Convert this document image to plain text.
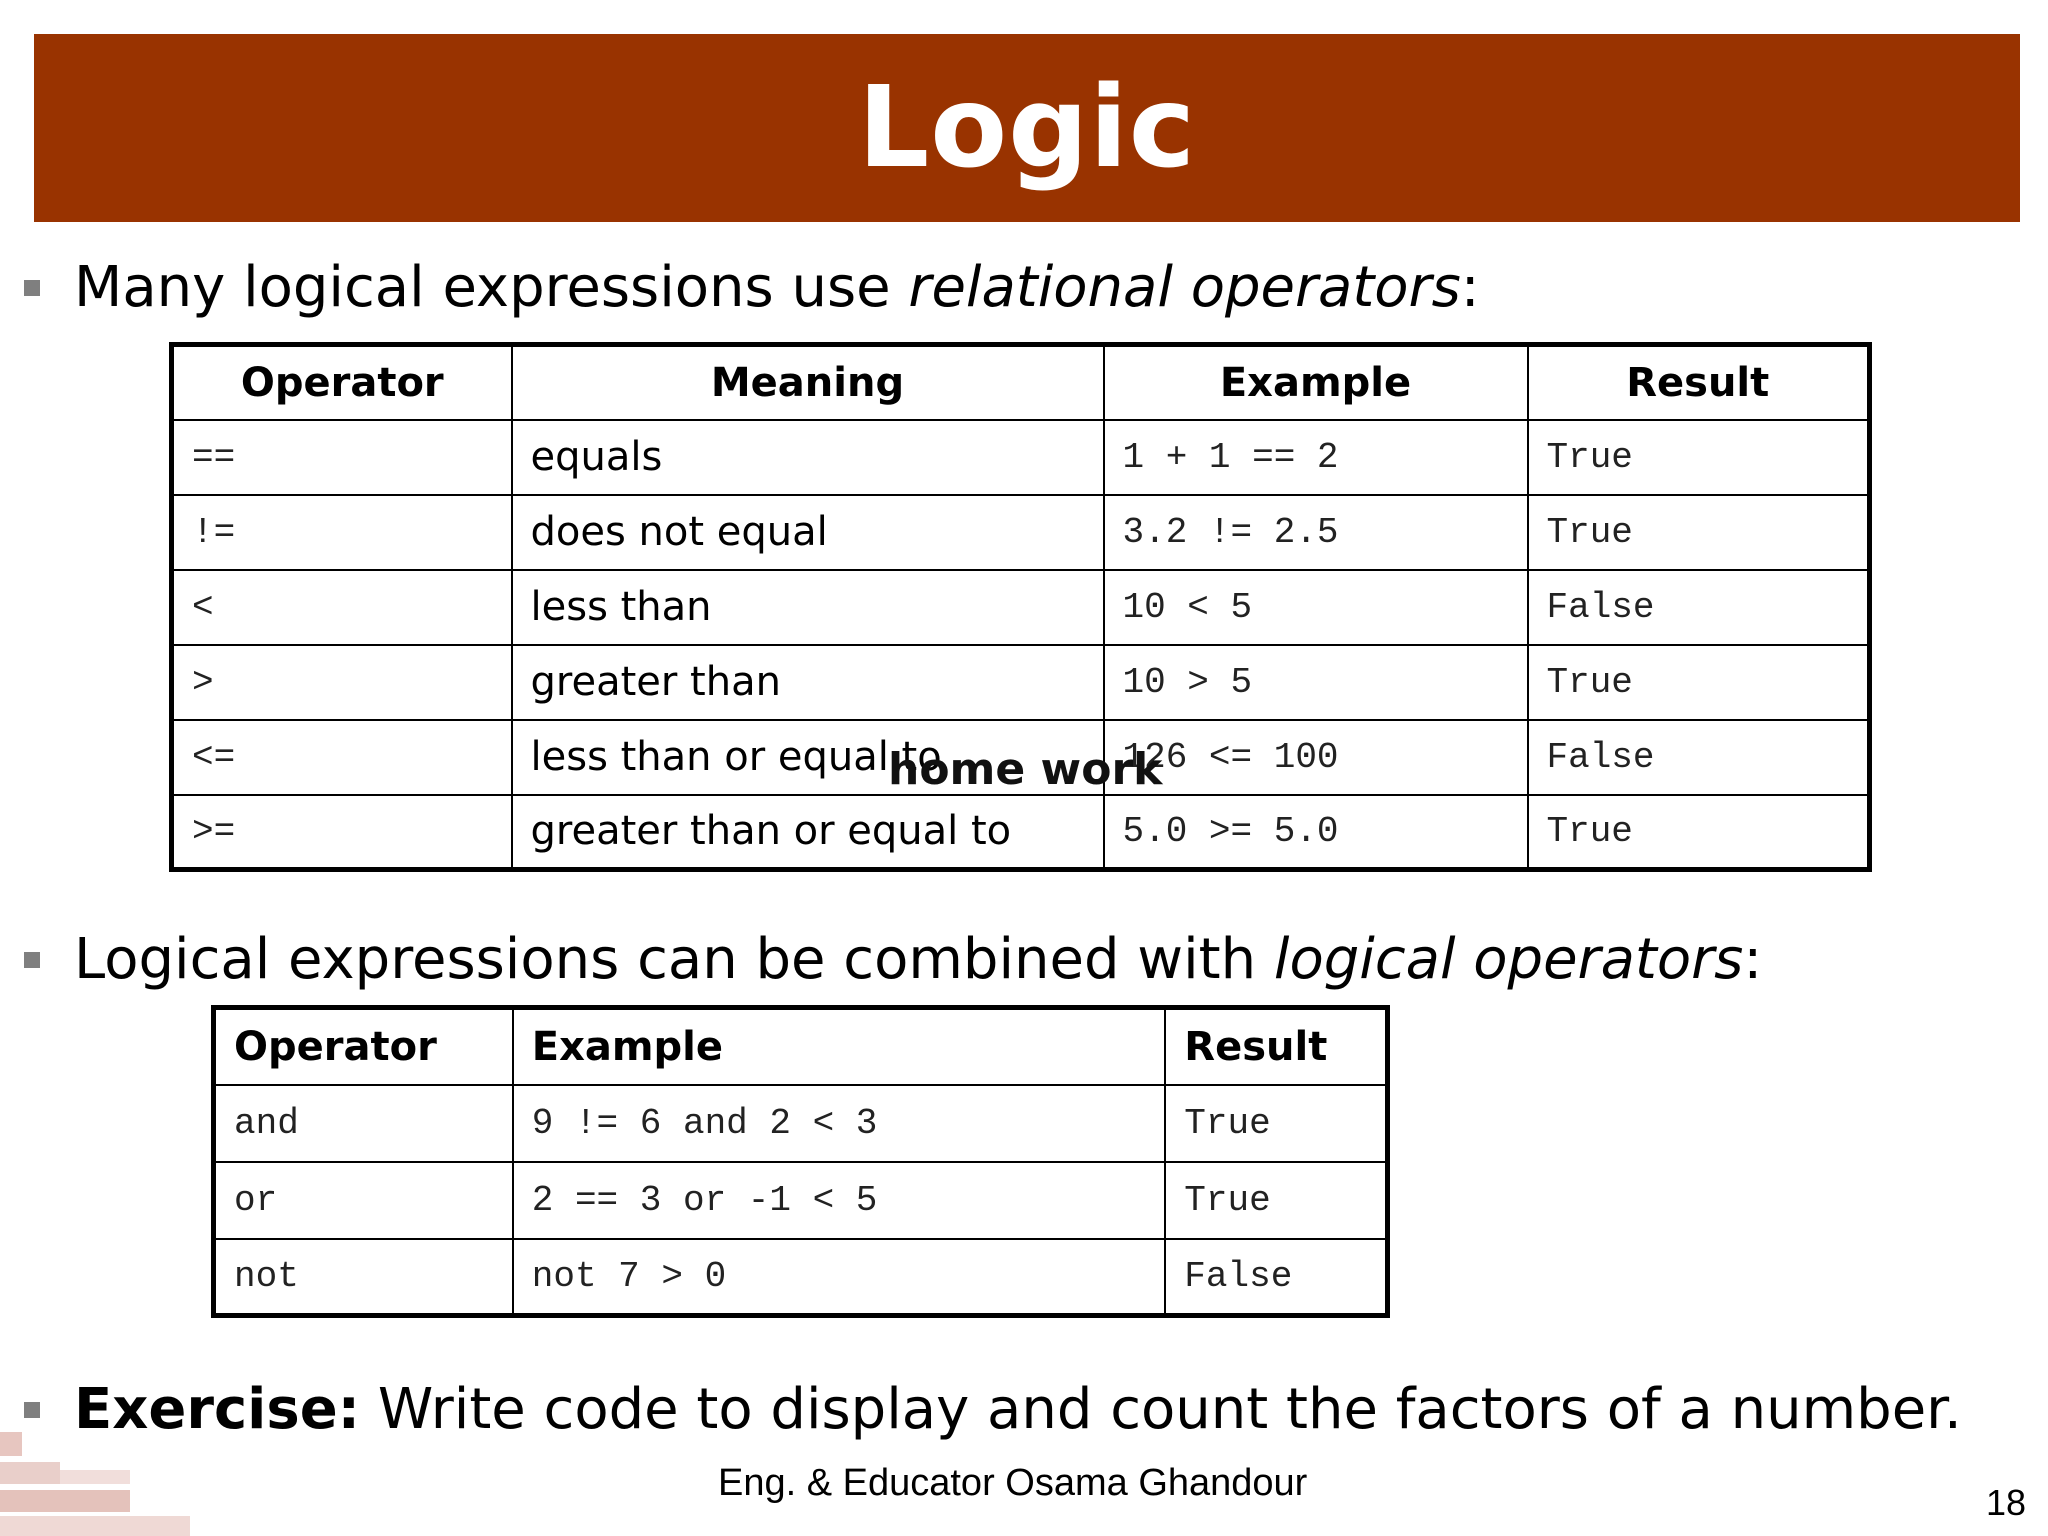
Logic
Many logical expressions use relational operators:
Operator	Meaning	Example	Result
==	equals	1 + 1 == 2	True
!=	does not equal	3.2 != 2.5	True
<	less than	10 < 5	False
>	greater than	10 > 5	True
<=	less than or equal to	126 <= 100	False
>=	greater than or equal to	5.0 >= 5.0	True
home work
Logical expressions can be combined with logical operators:
Operator	Example	Result
and	9 != 6 and 2 < 3	True
or	2 == 3 or -1 < 5	True
not	not 7 > 0	False
Exercise: Write code to display and count the factors of a number.
Eng. & Educator Osama Ghandour	18
